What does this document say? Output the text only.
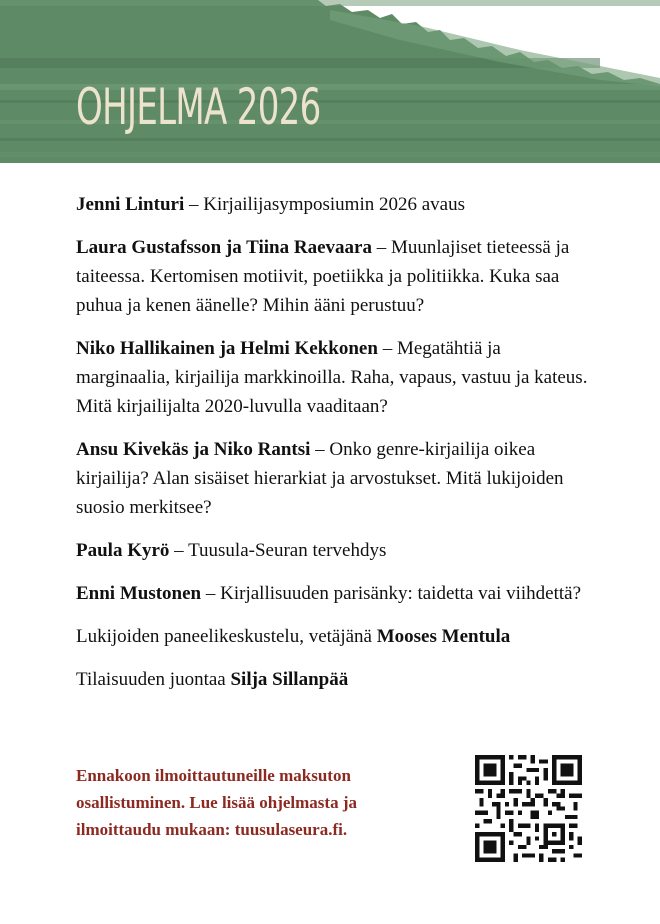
OHJELMA 2026

Jenni Linturi – Kirjailijasymposiumin 2026 avaus

Laura Gustafsson ja Tiina Raevaara – Muunlajiset tieteessä ja taiteessa. Kertomisen motiivit, poetiikka ja politiikka. Kuka saa puhua ja kenen äänelle? Mihin ääni perustuu?

Niko Hallikainen ja Helmi Kekkonen – Megatähtiä ja marginaalia, kirjailija markkinoilla. Raha, vapaus, vastuu ja kateus. Mitä kirjailijalta 2020-luvulla vaaditaan?

Ansu Kivekäs ja Niko Rantsi – Onko genre-kirjailija oikea kirjailija? Alan sisäiset hierarkiat ja arvostukset. Mitä lukijoiden suosio merkitsee?

Paula Kyrö – Tuusula-Seuran tervehdys

Enni Mustonen – Kirjallisuuden parisänky: taidetta vai viihdettä?

Lukijoiden paneelikeskustelu, vetäjänä Mooses Mentula

Tilaisuuden juontaa Silja Sillanpää

Ennakoon ilmoittautuneille maksuton
osallistuminen. Lue lisää ohjelmasta ja
ilmoittaudu mukaan: tuusulaseura.fi.
